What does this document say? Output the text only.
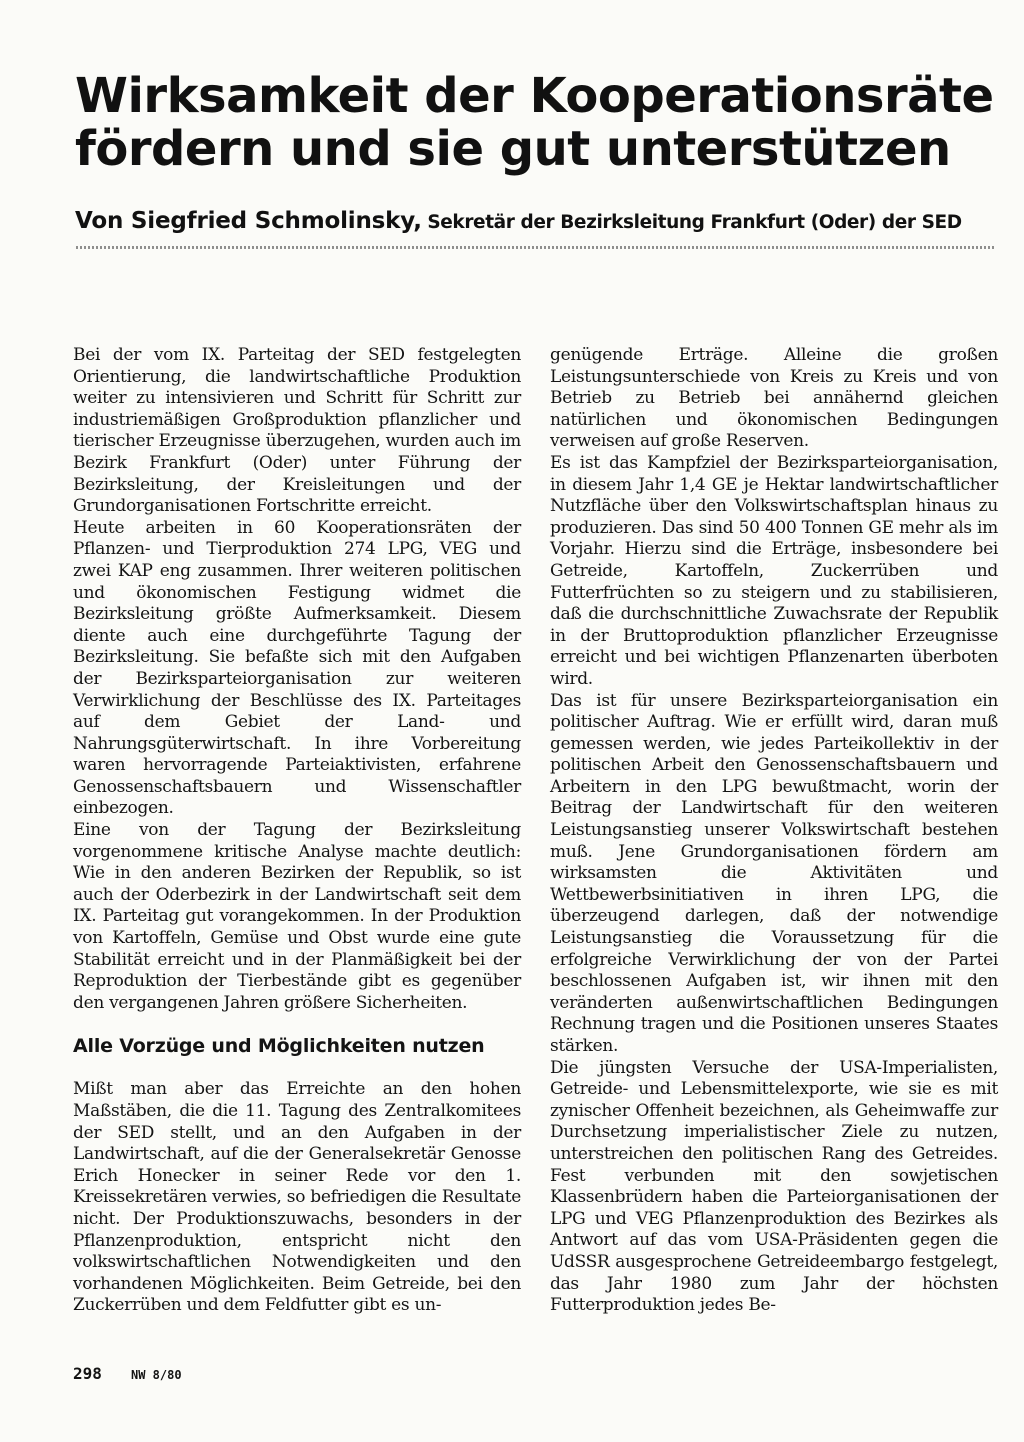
Wirksamkeit der Kooperationsräte fördern und sie gut unterstützen

Von Siegfried Schmolinsky, Sekretär der Bezirksleitung Frankfurt (Oder) der SED

Bei der vom IX. Parteitag der SED festgelegten Orientierung, die landwirtschaftliche Produktion weiter zu intensivieren und Schritt für Schritt zur industriemäßigen Großproduktion pflanzlicher und tierischer Erzeugnisse überzugehen, wurden auch im Bezirk Frankfurt (Oder) unter Führung der Bezirksleitung, der Kreisleitungen und der Grundorganisationen Fortschritte erreicht.

Heute arbeiten in 60 Kooperationsräten der Pflanzen- und Tierproduktion 274 LPG, VEG und zwei KAP eng zusammen. Ihrer weiteren politischen und ökonomischen Festigung widmet die Bezirksleitung größte Aufmerksamkeit. Diesem diente auch eine durchgeführte Tagung der Bezirksleitung. Sie befaßte sich mit den Aufgaben der Bezirksparteiorganisation zur weiteren Verwirklichung der Beschlüsse des IX. Parteitages auf dem Gebiet der Land- und Nahrungsgüterwirtschaft. In ihre Vorbereitung waren hervorragende Parteiaktivisten, erfahrene Genossenschaftsbauern und Wissenschaftler einbezogen.

Eine von der Tagung der Bezirksleitung vorgenommene kritische Analyse machte deutlich: Wie in den anderen Bezirken der Republik, so ist auch der Oderbezirk in der Landwirtschaft seit dem IX. Parteitag gut vorangekommen. In der Produktion von Kartoffeln, Gemüse und Obst wurde eine gute Stabilität erreicht und in der Planmäßigkeit bei der Reproduktion der Tierbestände gibt es gegenüber den vergangenen Jahren größere Sicherheiten.

Alle Vorzüge und Möglichkeiten nutzen

Mißt man aber das Erreichte an den hohen Maßstäben, die die 11. Tagung des Zentralkomitees der SED stellt, und an den Aufgaben in der Landwirtschaft, auf die der Generalsekretär Genosse Erich Honecker in seiner Rede vor den 1. Kreissekretären verwies, so befriedigen die Resultate nicht. Der Produktionszuwachs, besonders in der Pflanzenproduktion, entspricht nicht den volkswirtschaftlichen Notwendigkeiten und den vorhandenen Möglichkeiten. Beim Getreide, bei den Zuckerrüben und dem Feldfutter gibt es un-

genügende Erträge. Alleine die großen Leistungsunterschiede von Kreis zu Kreis und von Betrieb zu Betrieb bei annähernd gleichen natürlichen und ökonomischen Bedingungen verweisen auf große Reserven.

Es ist das Kampfziel der Bezirksparteiorganisation, in diesem Jahr 1,4 GE je Hektar landwirtschaftlicher Nutzfläche über den Volkswirtschaftsplan hinaus zu produzieren. Das sind 50 400 Tonnen GE mehr als im Vorjahr. Hierzu sind die Erträge, insbesondere bei Getreide, Kartoffeln, Zuckerrüben und Futterfrüchten so zu steigern und zu stabilisieren, daß die durchschnittliche Zuwachsrate der Republik in der Bruttoproduktion pflanzlicher Erzeugnisse erreicht und bei wichtigen Pflanzenarten überboten wird.

Das ist für unsere Bezirksparteiorganisation ein politischer Auftrag. Wie er erfüllt wird, daran muß gemessen werden, wie jedes Parteikollektiv in der politischen Arbeit den Genossenschaftsbauern und Arbeitern in den LPG bewußtmacht, worin der Beitrag der Landwirtschaft für den weiteren Leistungsanstieg unserer Volkswirtschaft bestehen muß. Jene Grundorganisationen fördern am wirksamsten die Aktivitäten und Wettbewerbsinitiativen in ihren LPG, die überzeugend darlegen, daß der notwendige Leistungsanstieg die Voraussetzung für die erfolgreiche Verwirklichung der von der Partei beschlossenen Aufgaben ist, wir ihnen mit den veränderten außenwirtschaftlichen Bedingungen Rechnung tragen und die Positionen unseres Staates stärken.

Die jüngsten Versuche der USA-Imperialisten, Getreide- und Lebensmittelexporte, wie sie es mit zynischer Offenheit bezeichnen, als Geheimwaffe zur Durchsetzung imperialistischer Ziele zu nutzen, unterstreichen den politischen Rang des Getreides. Fest verbunden mit den sowjetischen Klassenbrüdern haben die Parteiorganisationen der LPG und VEG Pflanzenproduktion des Bezirkes als Antwort auf das vom USA-Präsidenten gegen die UdSSR ausgesprochene Getreideembargo festgelegt, das Jahr 1980 zum Jahr der höchsten Futterproduktion jedes Be-

298 NW 8/80
